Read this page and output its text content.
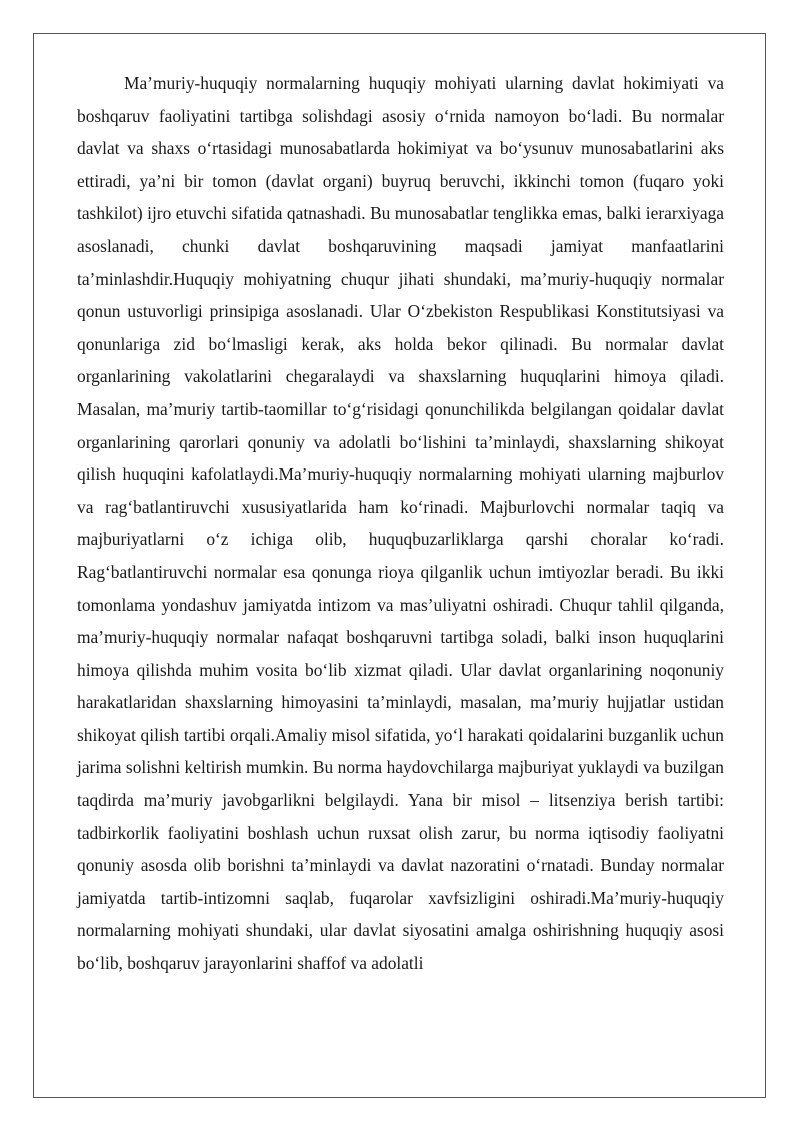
Ma’muriy-huquqiy normalarning huquqiy mohiyati ularning davlat hokimiyati va boshqaruv faoliyatini tartibga solishdagi asosiy o‘rnida namoyon bo‘ladi. Bu normalar davlat va shaxs o‘rtasidagi munosabatlarda hokimiyat va bo‘ysunuv munosabatlarini aks ettiradi, ya’ni bir tomon (davlat organi) buyruq beruvchi, ikkinchi tomon (fuqaro yoki tashkilot) ijro etuvchi sifatida qatnashadi. Bu munosabatlar tenglikka emas, balki ierarxiyaga asoslanadi, chunki davlat boshqaruvining maqsadi jamiyat manfaatlarini ta’minlashdir.Huquqiy mohiyatning chuqur jihati shundaki, ma’muriy-huquqiy normalar qonun ustuvorligi prinsipiga asoslanadi. Ular O‘zbekiston Respublikasi Konstitutsiyasi va qonunlariga zid bo‘lmasligi kerak, aks holda bekor qilinadi. Bu normalar davlat organlarining vakolatlarini chegaralaydi va shaxslarning huquqlarini himoya qiladi. Masalan, ma’muriy tartib-taomillar to‘g‘risidagi qonunchilikda belgilangan qoidalar davlat organlarining qarorlari qonuniy va adolatli bo‘lishini ta’minlaydi, shaxslarning shikoyat qilish huquqini kafolatlaydi.Ma’muriy-huquqiy normalarning mohiyati ularning majburlov va rag‘batlantiruvchi xususiyatlarida ham ko‘rinadi. Majburlovchi normalar taqiq va majburiyatlarni o‘z ichiga olib, huquqbuzarliklarga qarshi choralar ko‘radi. Rag‘batlantiruvchi normalar esa qonunga rioya qilganlik uchun imtiyozlar beradi. Bu ikki tomonlama yondashuv jamiyatda intizom va mas’uliyatni oshiradi. Chuqur tahlil qilganda, ma’muriy-huquqiy normalar nafaqat boshqaruvni tartibga soladi, balki inson huquqlarini himoya qilishda muhim vosita bo‘lib xizmat qiladi. Ular davlat organlarining noqonuniy harakatlaridan shaxslarning himoyasini ta’minlaydi, masalan, ma’muriy hujjatlar ustidan shikoyat qilish tartibi orqali.Amaliy misol sifatida, yo‘l harakati qoidalarini buzganlik uchun jarima solishni keltirish mumkin. Bu norma haydovchilarga majburiyat yuklaydi va buzilgan taqdirda ma’muriy javobgarlikni belgilaydi. Yana bir misol – litsenziya berish tartibi: tadbirkorlik faoliyatini boshlash uchun ruxsat olish zarur, bu norma iqtisodiy faoliyatni qonuniy asosda olib borishni ta’minlaydi va davlat nazoratini o‘rnatadi. Bunday normalar jamiyatda tartib-intizomni saqlab, fuqarolar xavfsizligini oshiradi.Ma’muriy-huquqiy normalarning mohiyati shundaki, ular davlat siyosatini amalga oshirishning huquqiy asosi bo‘lib, boshqaruv jarayonlarini shaffof va adolatli
